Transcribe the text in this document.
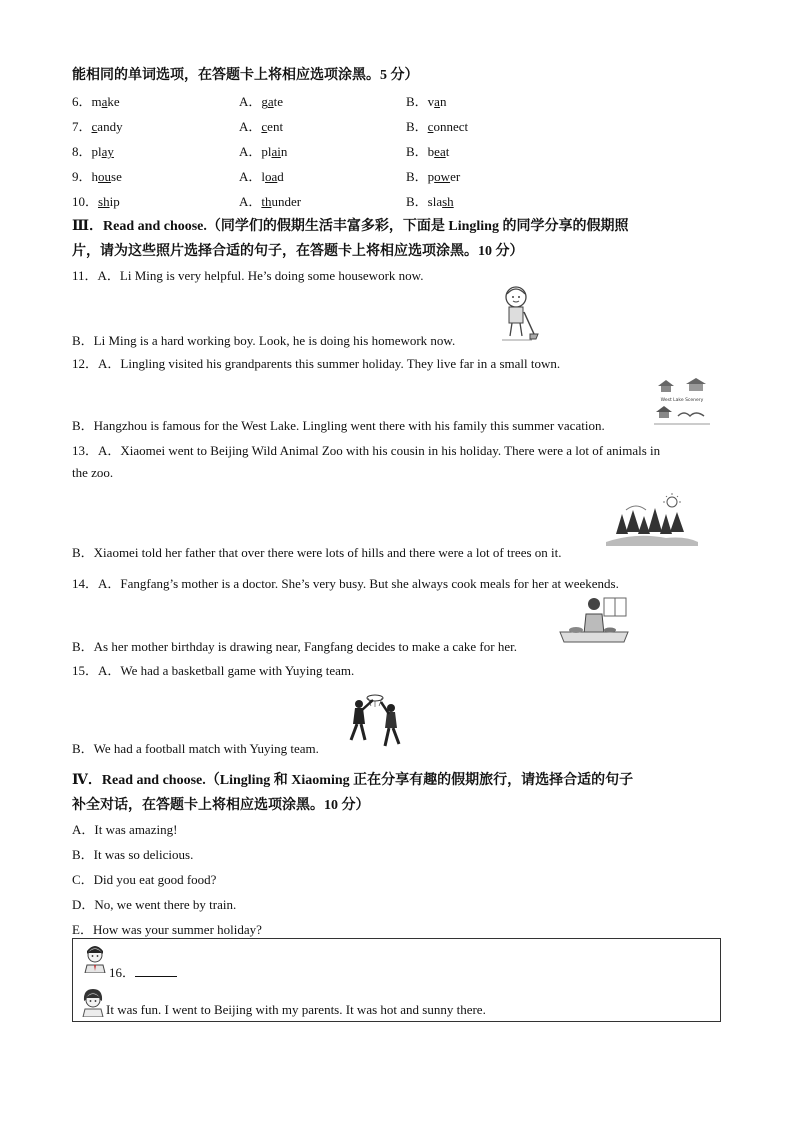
能相同的单词选项，在答题卡上将相应选项涂黑。5 分）
6．make	A．gate	B．van
7．candy	A．cent	B．connect
8．play	A．plain	B．beat
9．house	A．load	B．power
10．ship	A．thunder	B．slash
Ⅲ．Read and choose.（同学们的假期生活丰富多彩，下面是 Lingling 的同学分享的假期照
片，请为这些照片选择合适的句子，在答题卡上将相应选项涂黑。10 分）
11．A．Li Ming is very helpful. He’s doing some housework now.
B．Li Ming is a hard working boy. Look, he is doing his homework now.
12．A．Lingling visited his grandparents this summer holiday. They live far in a small town.
West Lake Scenery
B．Hangzhou is famous for the West Lake. Lingling went there with his family this summer vacation.
13．A．Xiaomei went to Beijing Wild Animal Zoo with his cousin in his holiday. There were a lot of animals in
the zoo.
B．Xiaomei told her father that over there were lots of hills and there were a lot of trees on it.
14．A．Fangfang’s mother is a doctor. She’s very busy. But she always cook meals for her at weekends.
B．As her mother birthday is drawing near, Fangfang decides to make a cake for her.
15．A．We had a basketball game with Yuying team.
B．We had a football match with Yuying team.
Ⅳ．Read and choose.（Lingling 和 Xiaoming 正在分享有趣的假期旅行，请选择合适的句子
补全对话，在答题卡上将相应选项涂黑。10 分）
A．It was amazing!
B．It was so delicious.
C．Did you eat good food?
D．No, we went there by train.
E．How was your summer holiday?
16．
It was fun. I went to Beijing with my parents. It was hot and sunny there.
